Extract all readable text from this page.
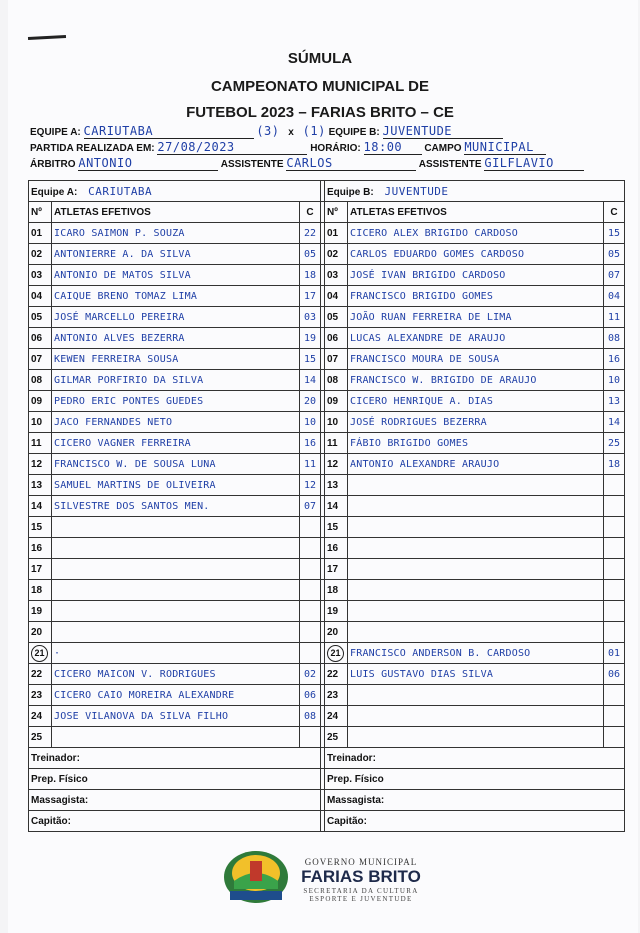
SÚMULA
CAMPEONATO MUNICIPAL DE
FUTEBOL 2023 – FARIAS BRITO – CE
EQUIPE A: CARIUTABA	(3) x (1) EQUIPE B: JUVENTUDE
PARTIDA REALIZADA EM: 27/08/2023	HORÁRIO: 18:00 CAMPO MUNICIPAL
ÁRBITRO ANTONIO	ASSISTENTE CARLOS	ASSISTENTE GILFLAVIO
Equipe A: CARIUTABA				Equipe B: JUVENTUDE		
Nº	ATLETAS EFETIVOS	C		Nº	ATLETAS EFETIVOS	C
01	ICARO SAIMON P. SOUZA	22		01	CICERO ALEX BRIGIDO CARDOSO	15
02	ANTONIERRE A. DA SILVA	05		02	CARLOS EDUARDO GOMES CARDOSO	05
03	ANTONIO DE MATOS SILVA	18		03	JOSÉ IVAN BRIGIDO CARDOSO	07
04	CAIQUE BRENO TOMAZ LIMA	17		04	FRANCISCO BRIGIDO GOMES	04
05	JOSÉ MARCELLO PEREIRA	03		05	JOÃO RUAN FERREIRA DE LIMA	11
06	ANTONIO ALVES BEZERRA	19		06	LUCAS ALEXANDRE DE ARAUJO	08
07	KEWEN FERREIRA SOUSA	15		07	FRANCISCO MOURA DE SOUSA	16
08	GILMAR PORFIRIO DA SILVA	14		08	FRANCISCO W. BRIGIDO DE ARAUJO	10
09	PEDRO ERIC PONTES GUEDES	20		09	CICERO HENRIQUE A. DIAS	13
10	JACO FERNANDES NETO	10		10	JOSÉ RODRIGUES BEZERRA	14
11	CICERO VAGNER FERREIRA	16		11	FÁBIO BRIGIDO GOMES	25
12	FRANCISCO W. DE SOUSA LUNA	11		12	ANTONIO ALEXANDRE ARAUJO	18
13	SAMUEL MARTINS DE OLIVEIRA	12		13		
14	SILVESTRE DOS SANTOS MEN.	07		14		
15				15		
16				16		
17				17		
18				18		
19				19		
20				20		
21	·			21	FRANCISCO ANDERSON B. CARDOSO	01
22	CICERO MAICON V. RODRIGUES	02		22	LUIS GUSTAVO DIAS SILVA	06
23	CICERO CAIO MOREIRA ALEXANDRE	06		23		
24	JOSE VILANOVA DA SILVA FILHO	08		24		
25				25		
Treinador:				Treinador:		
Prep. Físico				Prep. Físico		
Massagista:				Massagista:		
Capitão:				Capitão:		
GOVERNO MUNICIPAL
FARIAS BRITO
SECRETARIA DA CULTURA
ESPORTE E JUVENTUDE
